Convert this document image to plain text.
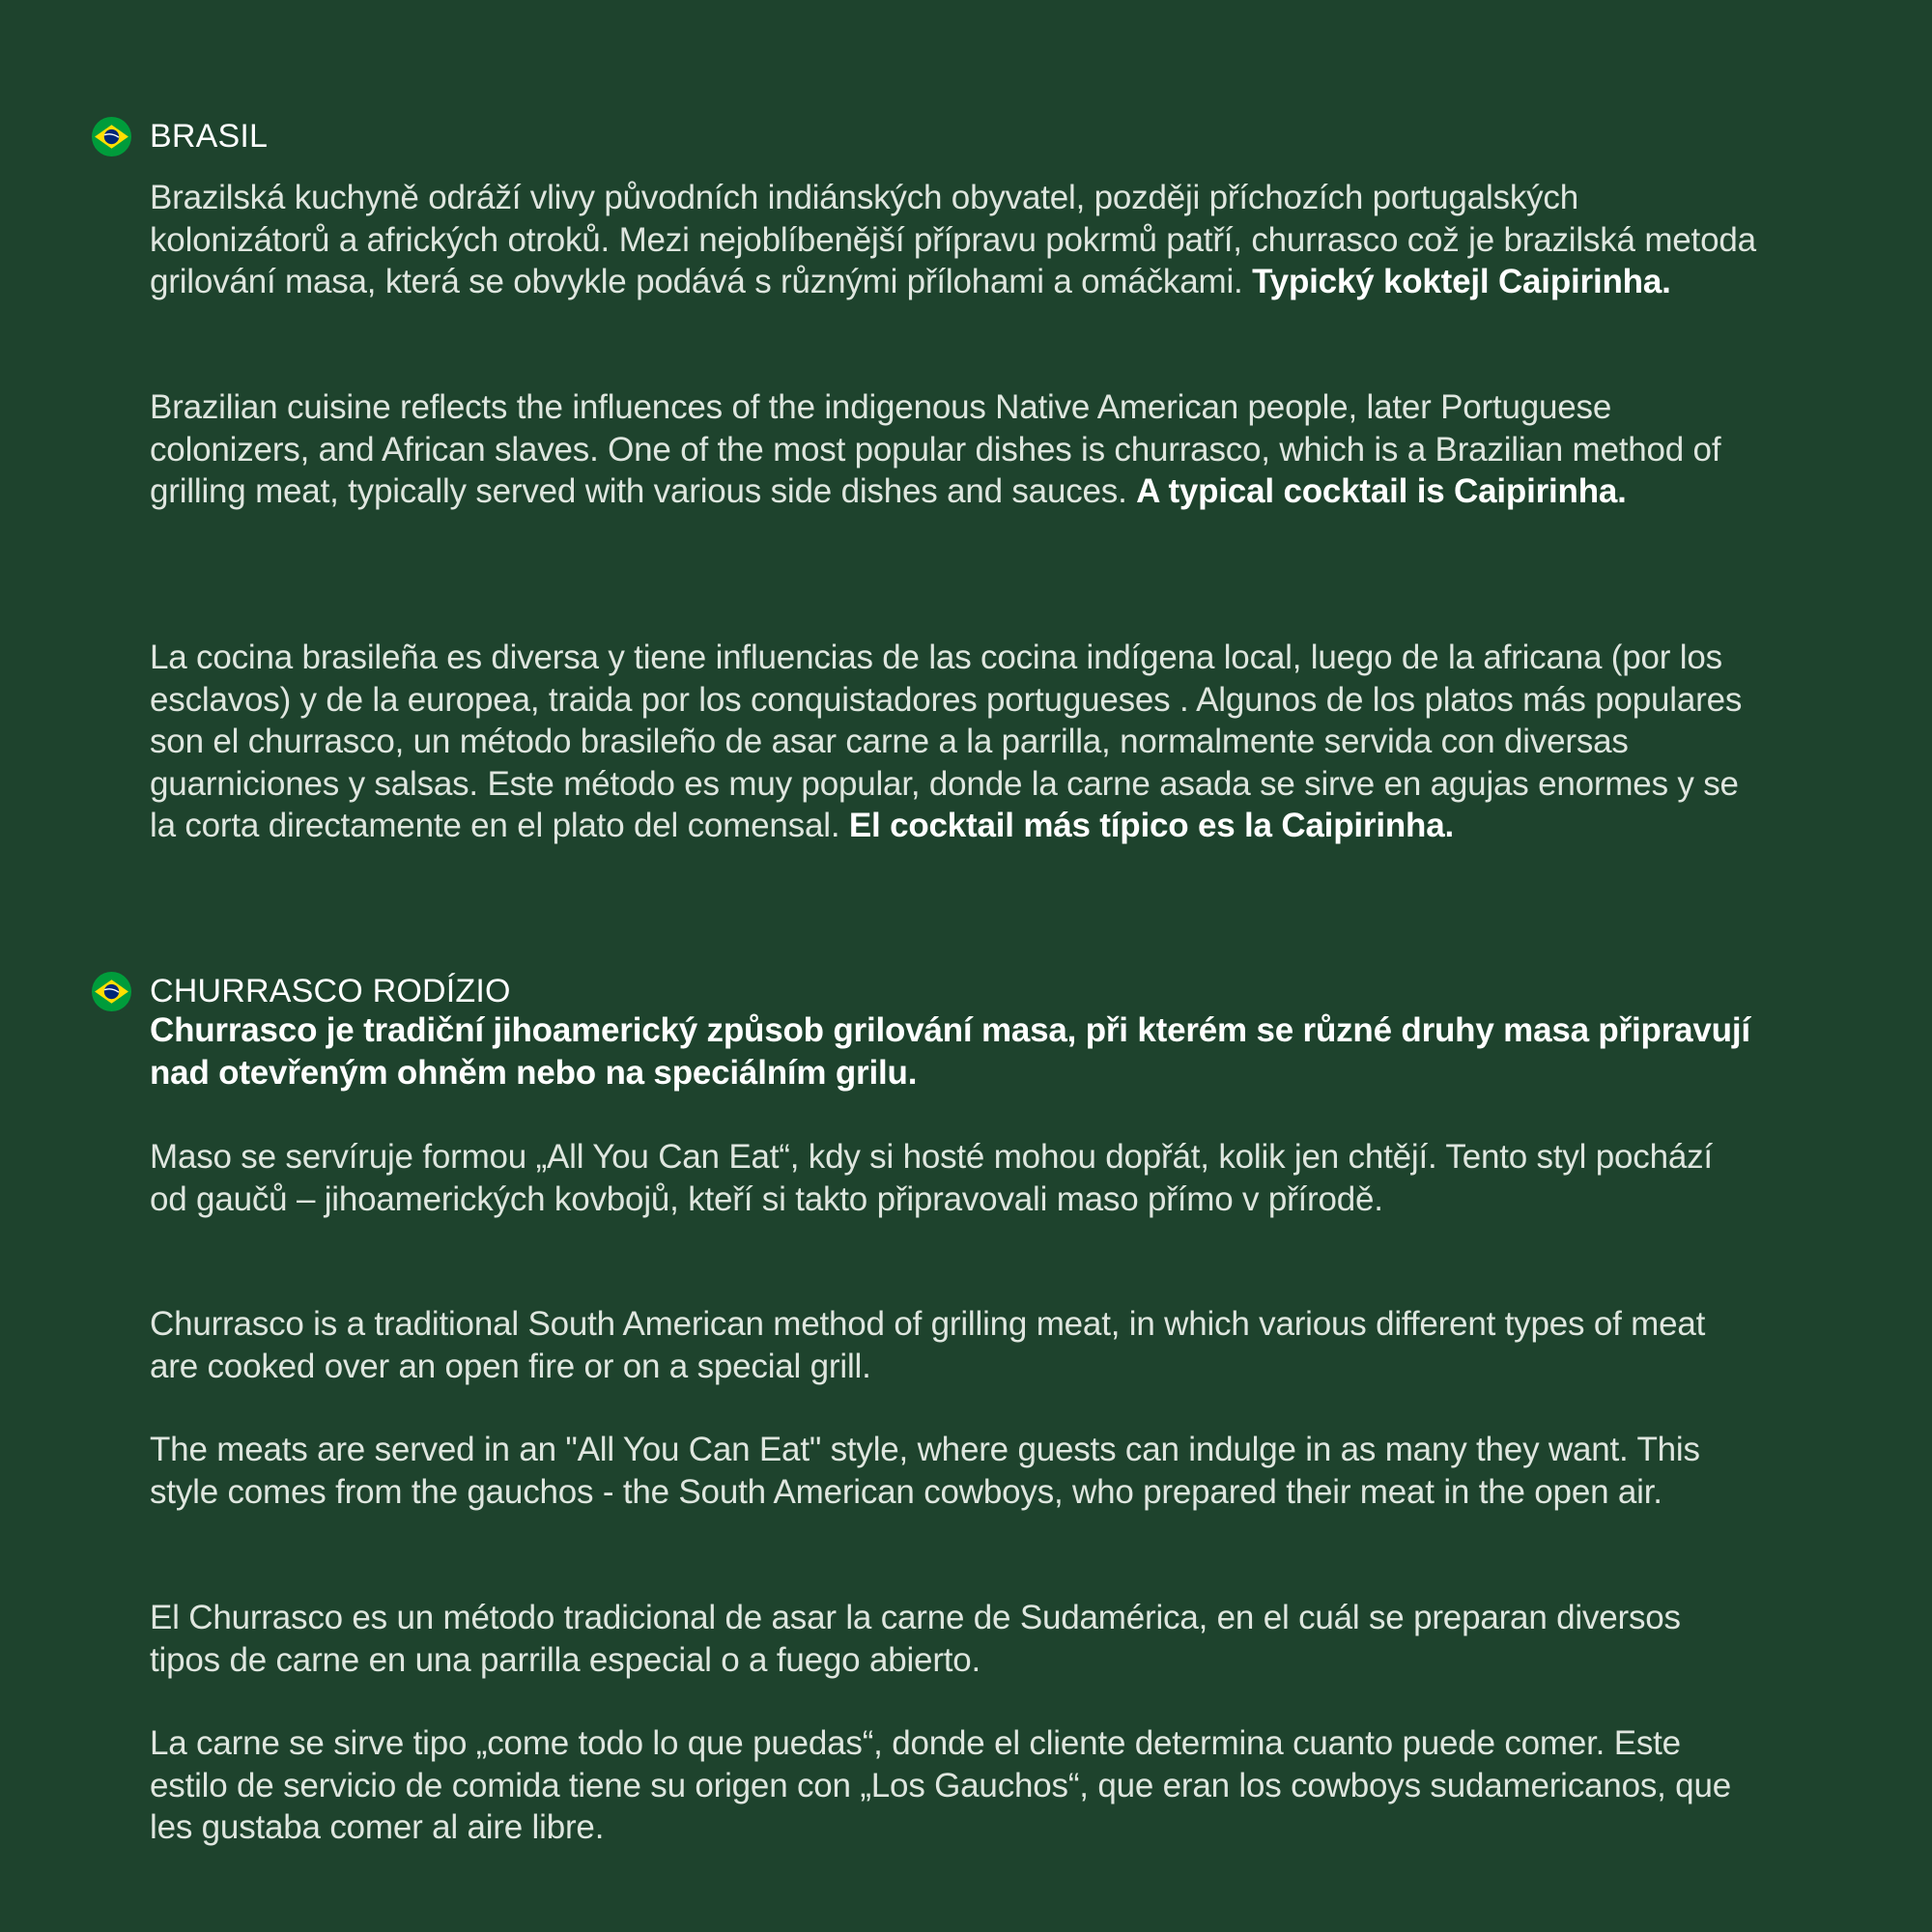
BRASIL

Brazilská kuchyně odráží vlivy původních indiánských obyvatel, později příchozích portugalských kolonizátorů a afrických otroků. Mezi nejoblíbenější přípravu pokrmů patří, churrasco což je brazilská metoda grilování masa, která se obvykle podává s různými přílohami a omáčkami. Typický koktejl Caipirinha.

Brazilian cuisine reflects the influences of the indigenous Native American people, later Portuguese colonizers, and African slaves. One of the most popular dishes is churrasco, which is a Brazilian method of grilling meat, typically served with various side dishes and sauces. A typical cocktail is Caipirinha.

La cocina brasileña es diversa y tiene influencias de las cocina indígena local, luego de la africana (por los esclavos) y de la europea, traida por los conquistadores portugueses . Algunos de los platos más populares son el churrasco, un método brasileño de asar carne a la parrilla, normalmente servida con diversas guarniciones y salsas. Este método es muy popular, donde la carne asada se sirve en agujas enormes y se la corta directamente en el plato del comensal. El cocktail más típico es la Caipirinha.

CHURRASCO RODÍZIO

Churrasco je tradiční jihoamerický způsob grilování masa, při kterém se různé druhy masa připravují nad otevřeným ohněm nebo na speciálním grilu.

Maso se servíruje formou „All You Can Eat“, kdy si hosté mohou dopřát, kolik jen chtějí. Tento styl pochází od gaučů – jihoamerických kovbojů, kteří si takto připravovali maso přímo v přírodě.

Churrasco is a traditional South American method of grilling meat, in which various different types of meat are cooked over an open fire or on a special grill.

The meats are served in an "All You Can Eat" style, where guests can indulge in as many they want. This style comes from the gauchos - the South American cowboys, who prepared their meat in the open air.

El Churrasco es un método tradicional de asar la carne de Sudamérica, en el cuál se preparan diversos tipos de carne en una parrilla especial o a fuego abierto.

La carne se sirve tipo „come todo lo que puedas“, donde el cliente determina cuanto puede comer. Este estilo de servicio de comida tiene su origen con „Los Gauchos“, que eran los cowboys sudamericanos, que les gustaba comer al aire libre.
